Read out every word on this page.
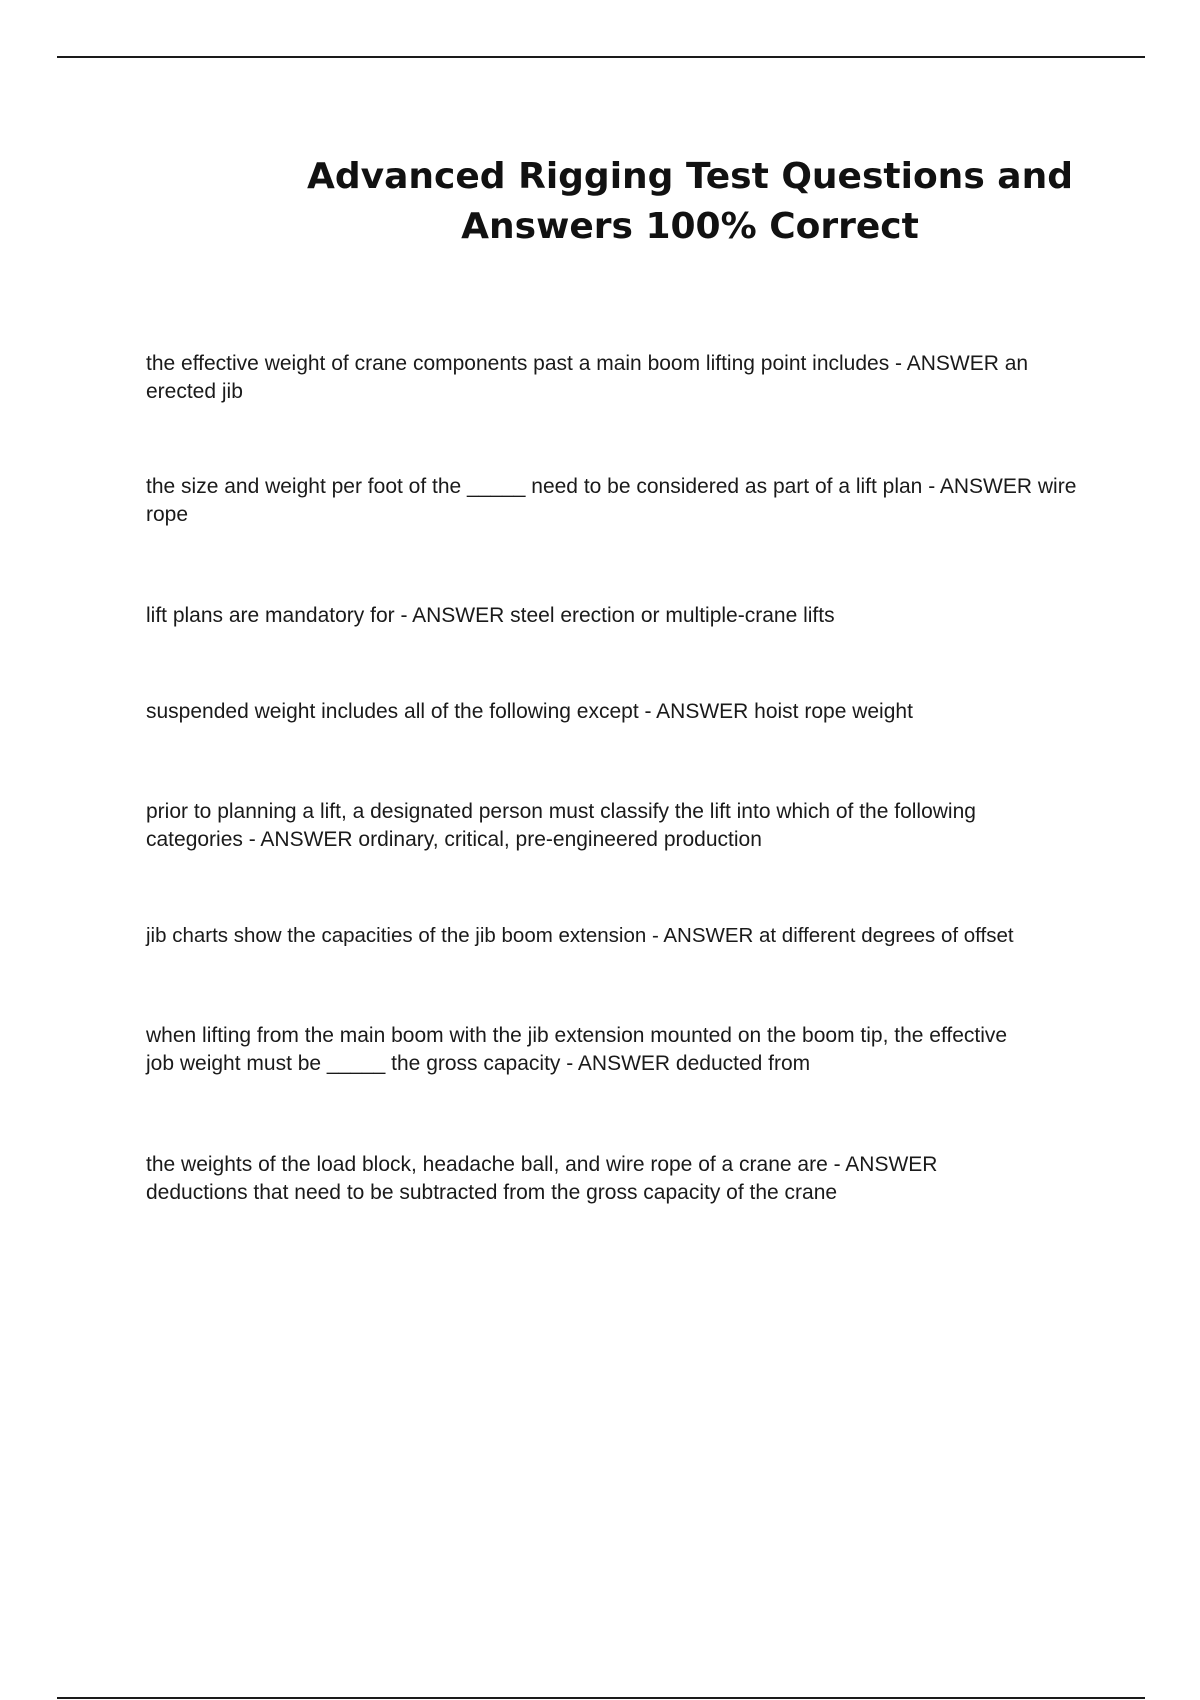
Advanced Rigging Test Questions and Answers 100% Correct

the effective weight of crane components past a main boom lifting point includes - ANSWER an erected jib

the size and weight per foot of the _____ need to be considered as part of a lift plan - ANSWER wire rope

lift plans are mandatory for - ANSWER steel erection or multiple-crane lifts

suspended weight includes all of the following except - ANSWER hoist rope weight

prior to planning a lift, a designated person must classify the lift into which of the following categories - ANSWER ordinary, critical, pre-engineered production

jib charts show the capacities of the jib boom extension - ANSWER at different degrees of offset

when lifting from the main boom with the jib extension mounted on the boom tip, the effective job weight must be _____ the gross capacity - ANSWER deducted from

the weights of the load block, headache ball, and wire rope of a crane are - ANSWER deductions that need to be subtracted from the gross capacity of the crane
